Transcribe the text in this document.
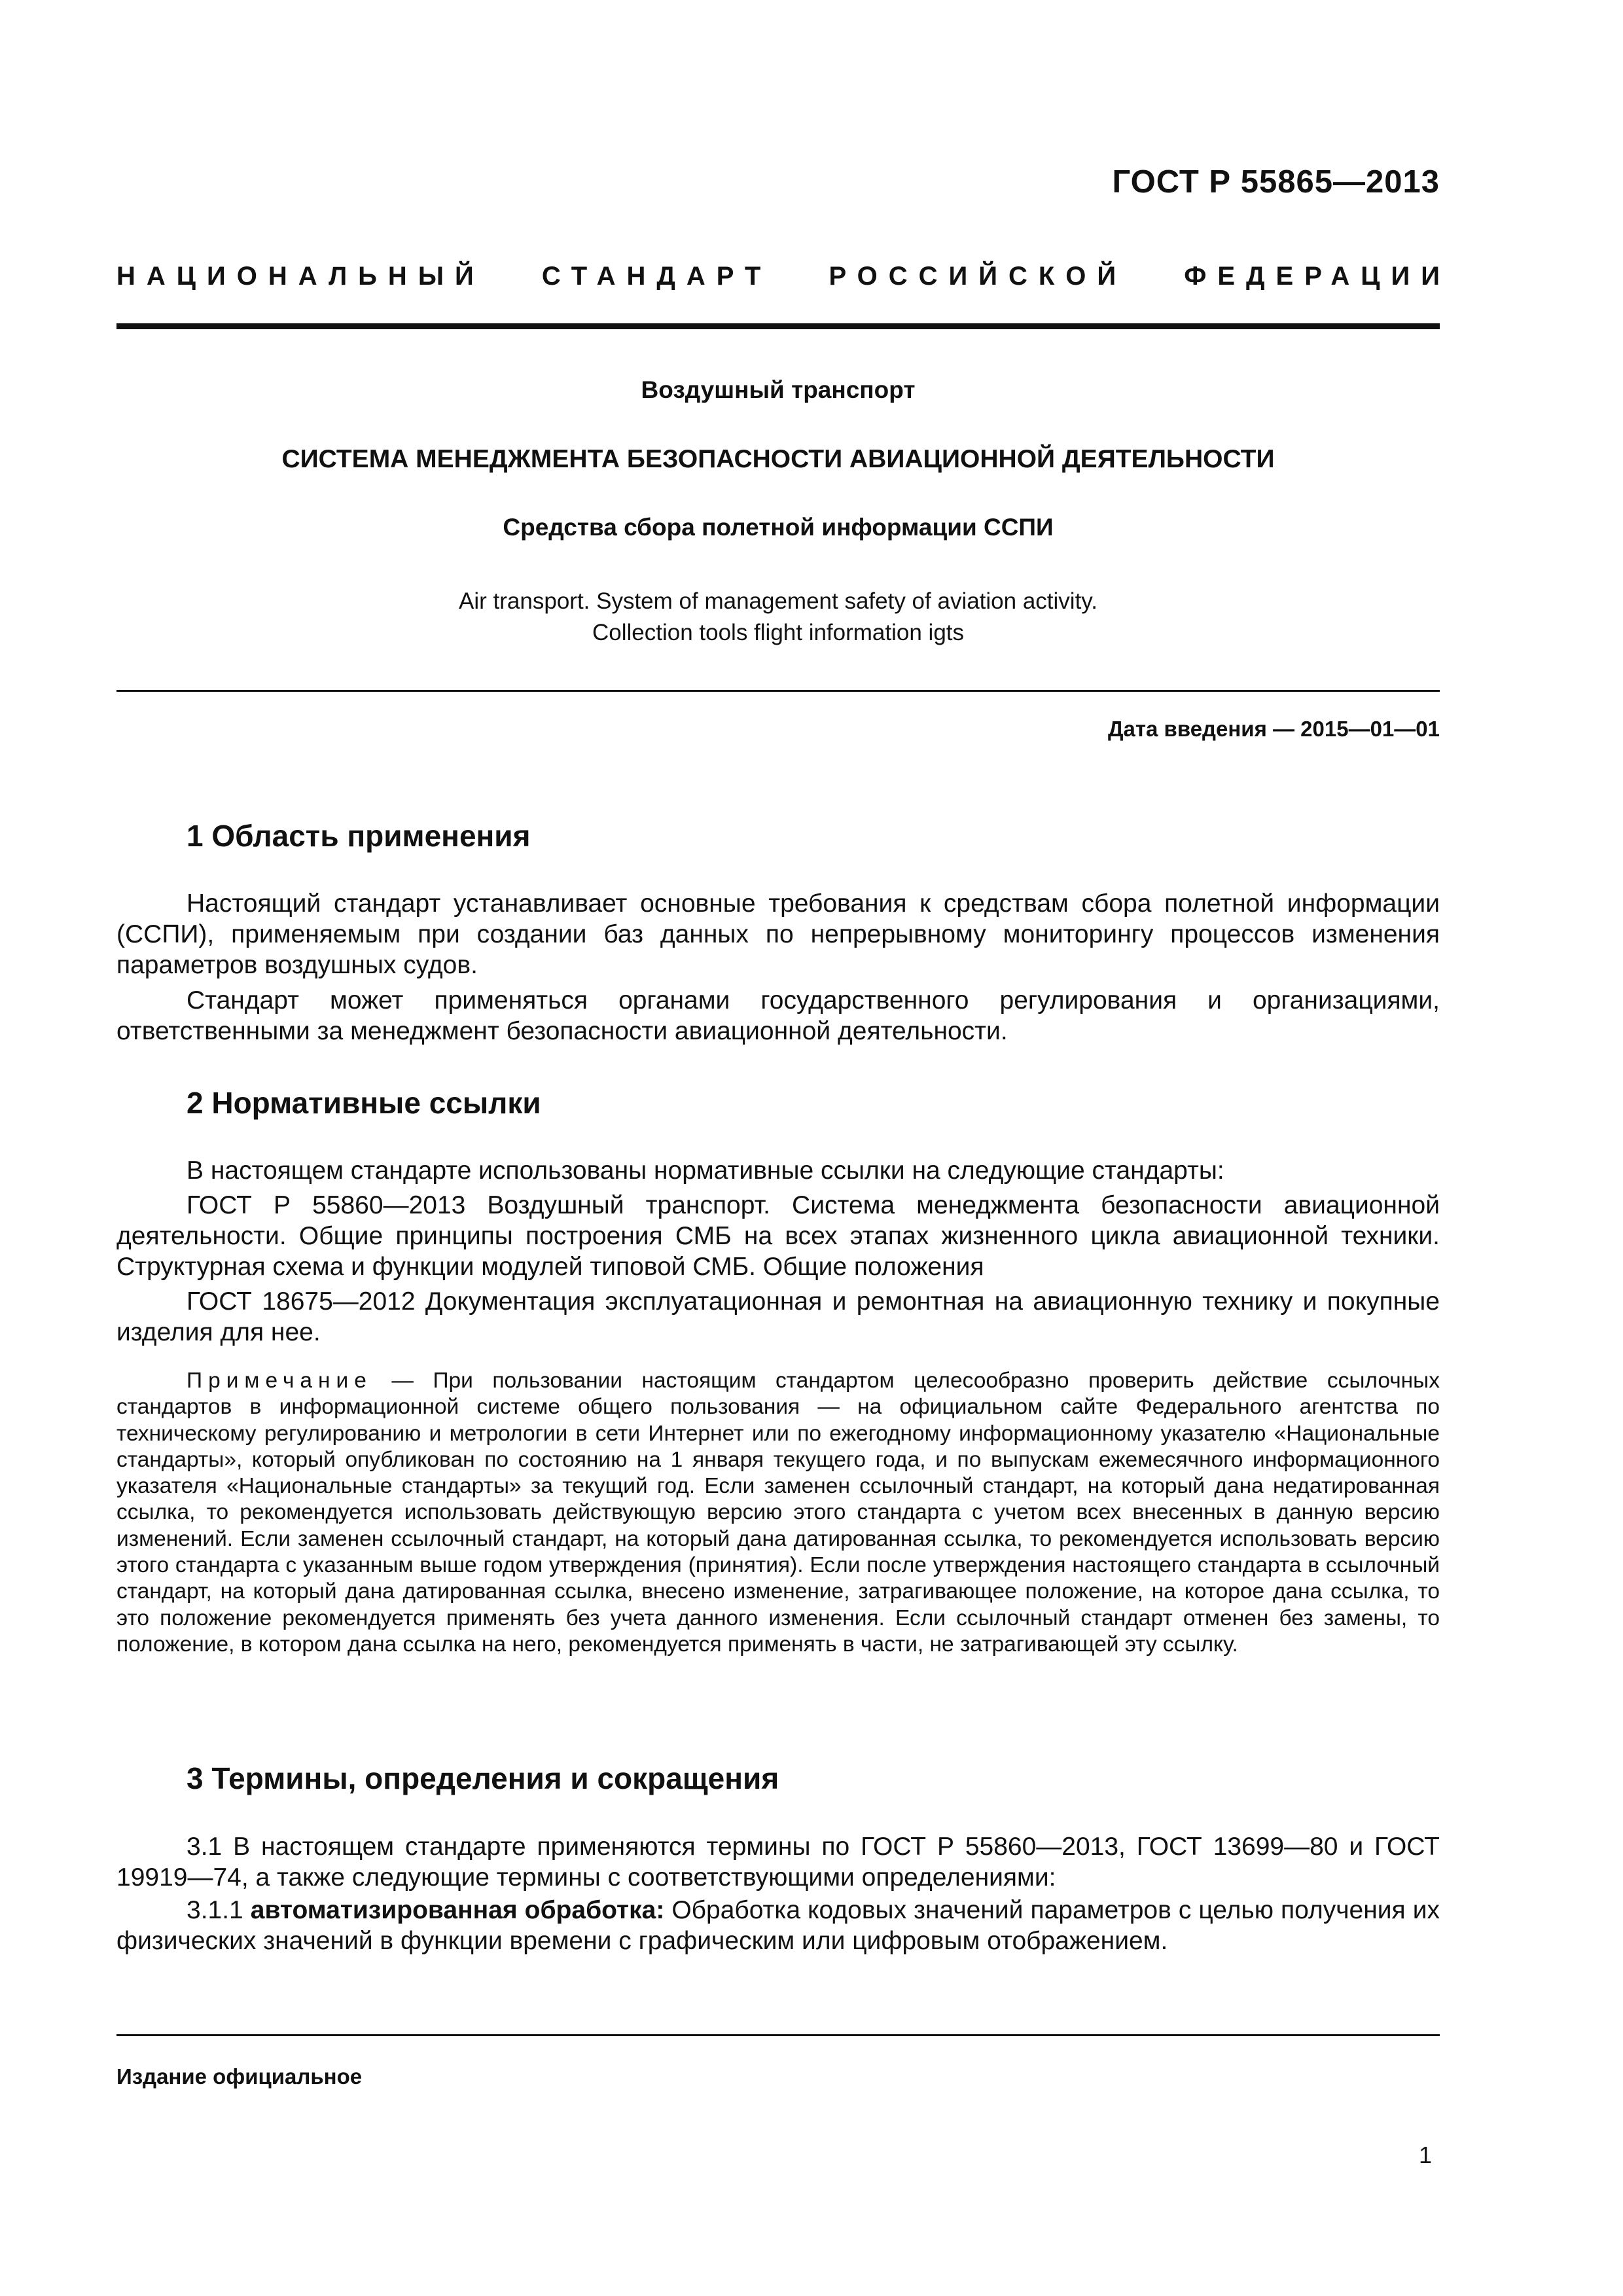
ГОСТ Р 55865—2013
НАЦИОНАЛЬНЫЙ СТАНДАРТ РОССИЙСКОЙ ФЕДЕРАЦИИ
Воздушный транспорт
СИСТЕМА МЕНЕДЖМЕНТА БЕЗОПАСНОСТИ АВИАЦИОННОЙ ДЕЯТЕЛЬНОСТИ
Средства сбора полетной информации ССПИ
Air transport. System of management safety of aviation activity.
Collection tools flight information igts
Дата введения — 2015—01—01
1 Область применения
Настоящий стандарт устанавливает основные требования к средствам сбора полетной информации (ССПИ), применяемым при создании баз данных по непрерывному мониторингу процессов изменения параметров воздушных судов.
Стандарт может применяться органами государственного регулирования и организациями, ответственными за менеджмент безопасности авиационной деятельности.
2 Нормативные ссылки
В настоящем стандарте использованы нормативные ссылки на следующие стандарты:
ГОСТ Р 55860—2013 Воздушный транспорт. Система менеджмента безопасности авиационной деятельности. Общие принципы построения СМБ на всех этапах жизненного цикла авиационной техники. Структурная схема и функции модулей типовой СМБ. Общие положения
ГОСТ 18675—2012 Документация эксплуатационная и ремонтная на авиационную технику и покупные изделия для нее.
Примечание — При пользовании настоящим стандартом целесообразно проверить действие ссылочных стандартов в информационной системе общего пользования — на официальном сайте Федерального агентства по техническому регулированию и метрологии в сети Интернет или по ежегодному информационному указателю «Национальные стандарты», который опубликован по состоянию на 1 января текущего года, и по выпускам ежемесячного информационного указателя «Национальные стандарты» за текущий год. Если заменен ссылочный стандарт, на который дана недатированная ссылка, то рекомендуется использовать действующую версию этого стандарта с учетом всех внесенных в данную версию изменений. Если заменен ссылочный стандарт, на который дана датированная ссылка, то рекомендуется использовать версию этого стандарта с указанным выше годом утверждения (принятия). Если после утверждения настоящего стандарта в ссылочный стандарт, на который дана датированная ссылка, внесено изменение, затрагивающее положение, на которое дана ссылка, то это положение рекомендуется применять без учета данного изменения. Если ссылочный стандарт отменен без замены, то положение, в котором дана ссылка на него, рекомендуется применять в части, не затрагивающей эту ссылку.
3 Термины, определения и сокращения
3.1 В настоящем стандарте применяются термины по ГОСТ Р 55860—2013, ГОСТ 13699—80 и ГОСТ 19919—74, а также следующие термины с соответствующими определениями:
3.1.1 автоматизированная обработка: Обработка кодовых значений параметров с целью получения их физических значений в функции времени с графическим или цифровым отображением.
Издание официальное
1
